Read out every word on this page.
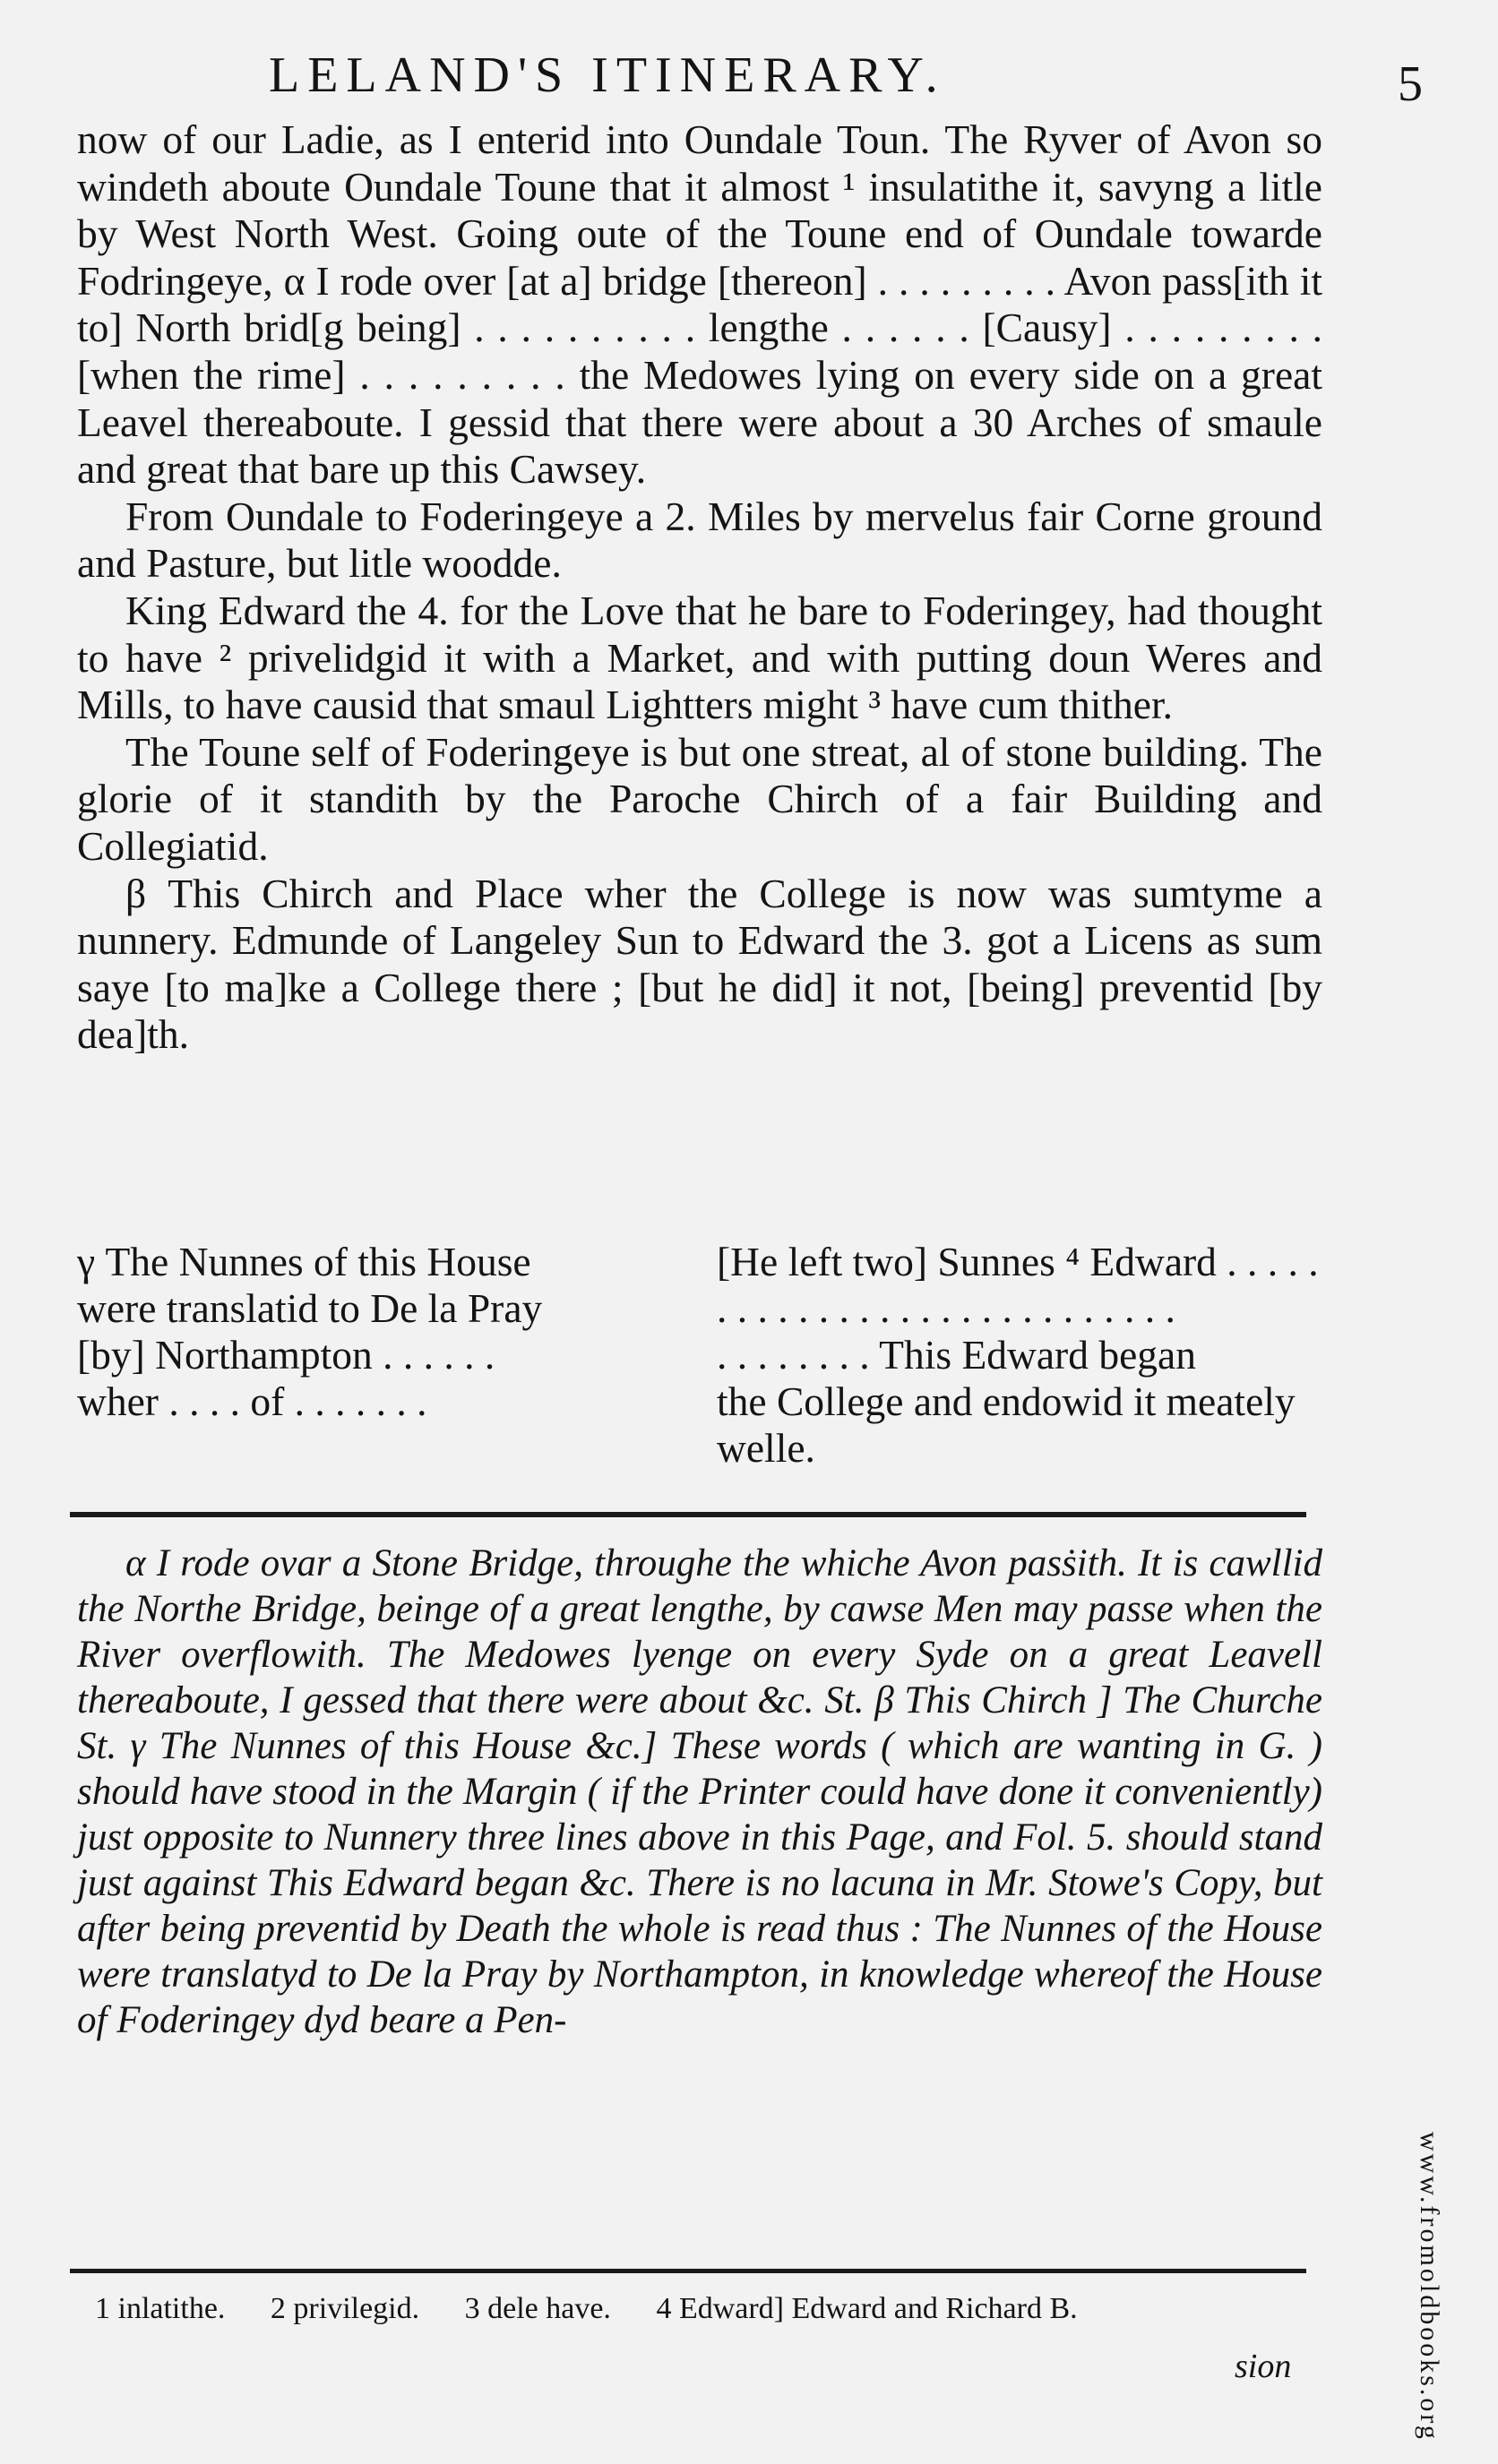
LELAND'S ITINERARY.	5

now of our Ladie, as I enterid into Oundale Toun. The Ryver of Avon so windeth aboute Oundale Toune that it almost ¹ insulatithe it, savyng a litle by West North West. Going oute of the Toune end of Oundale towarde Fodringeye, α I rode over [at a] bridge [thereon] . . . . . . . . . Avon pass[ith it to] North brid[g being] . . . . . . . . . . lengthe . . . . . . [Causy] . . . . . . . . . [when the rime] . . . . . . . . . the Medowes lying on every side on a great Leavel thereaboute. I gessid that there were about a 30 Arches of smaule and great that bare up this Cawsey.

From Oundale to Foderingeye a 2. Miles by mervelus fair Corne ground and Pasture, but litle woodde.

King Edward the 4. for the Love that he bare to Foderingey, had thought to have ² privelidgid it with a Market, and with putting doun Weres and Mills, to have causid that smaul Lightters might ³ have cum thither.

The Toune self of Foderingeye is but one streat, al of stone building. The glorie of it standith by the Paroche Chirch of a fair Building and Collegiatid.

β This Chirch and Place wher the College is now was sumtyme a nunnery. Edmunde of Langeley Sun to Edward the 3. got a Licens as sum saye [to ma]ke a College there ; [but he did] it not, [being] preventid [by dea]th.

γ The Nunnes of this House

were translatid to De la Pray

[by] Northampton . . . . . .

wher . . . . of . . . . . . .

[He left two] Sunnes ⁴ Edward . . . . .

. . . . . . . . . . . . . . . . . . . . . . .

. . . . . . . . This Edward began

the College and endowid it meately

welle.

α I rode ovar a Stone Bridge, throughe the whiche Avon pasṡith. It is cawllid the Northe Bridge, beinge of a great lengthe, by cawse Men may passe when the River overflowith. The Medowes lyenge on every Syde on a great Leavell thereaboute, I gessed that there were about &c. St. β This Chirch ] The Churche St. γ The Nunnes of this House &c.] These words ( which are wanting in G. ) should have stood in the Margin ( if the Printer could have done it conveniently) just opposite to Nunnery three lines above in this Page, and Fol. 5. should stand just against This Edward began &c. There is no lacuna in Mr. Stowe's Copy, but after being preventid by Death the whole is read thus : The Nunnes of the House were translatyd to De la Pray by Northampton, in knowledge whereof the House of Foderingey dyd beare a Pen-

1 inlatithe. 2 privilegid. 3 dele have. 4 Edward] Edward and Richard B.
sion	www.fromoldbooks.org
